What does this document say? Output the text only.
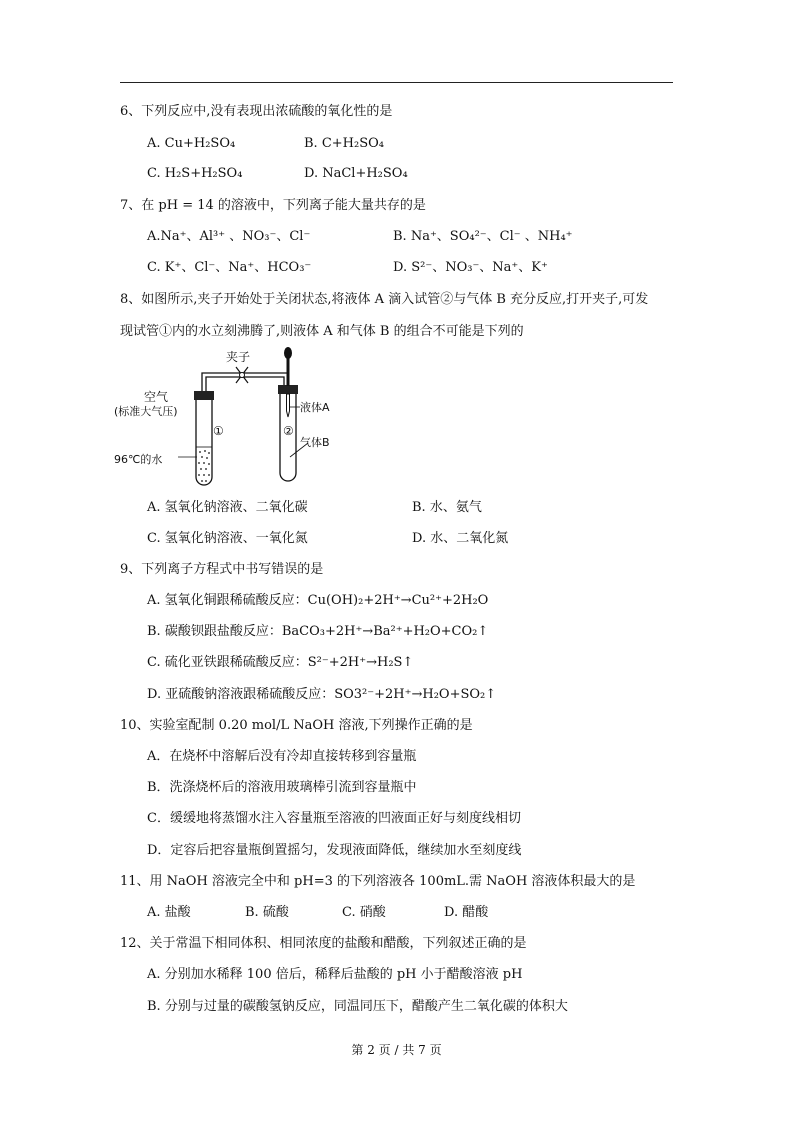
6、下列反应中,没有表现出浓硫酸的氧化性的是
A. Cu+H₂SO₄	B. C+H₂SO₄
C. H₂S+H₂SO₄	D. NaCl+H₂SO₄
7、在 pH = 14 的溶液中，下列离子能大量共存的是
A.Na⁺、Al³⁺ 、NO₃⁻、Cl⁻	B. Na⁺、SO₄²⁻、Cl⁻ 、NH₄⁺
C. K⁺、Cl⁻、Na⁺、HCO₃⁻	D. S²⁻、NO₃⁻、Na⁺、K⁺
8、如图所示,夹子开始处于关闭状态,将液体 A 滴入试管②与气体 B 充分反应,打开夹子,可发
现试管①内的水立刻沸腾了,则液体 A 和气体 B 的组合不可能是下列的
夹子
空气
(标准大气压)
①	②
液体A
气体B
96℃的水
A. 氢氧化钠溶液、二氧化碳	B. 水、氨气
C. 氢氧化钠溶液、一氧化氮	D. 水、二氧化氮
9、下列离子方程式中书写错误的是
A. 氢氧化铜跟稀硫酸反应：Cu(OH)₂+2H⁺→Cu²⁺+2H₂O
B. 碳酸钡跟盐酸反应：BaCO₃+2H⁺→Ba²⁺+H₂O+CO₂↑
C. 硫化亚铁跟稀硫酸反应：S²⁻+2H⁺→H₂S↑
D. 亚硫酸钠溶液跟稀硫酸反应：SO3²⁻+2H⁺→H₂O+SO₂↑
10、实验室配制 0.20 mol/L NaOH 溶液,下列操作正确的是
A．在烧杯中溶解后没有冷却直接转移到容量瓶
B．洗涤烧杯后的溶液用玻璃棒引流到容量瓶中
C．缓缓地将蒸馏水注入容量瓶至溶液的凹液面正好与刻度线相切
D．定容后把容量瓶倒置摇匀，发现液面降低，继续加水至刻度线
11、用 NaOH 溶液完全中和 pH=3 的下列溶液各 100mL.需 NaOH 溶液体积最大的是
A. 盐酸	B. 硫酸	C. 硝酸	D. 醋酸
12、关于常温下相同体积、相同浓度的盐酸和醋酸，下列叙述正确的是
A. 分别加水稀释 100 倍后，稀释后盐酸的 pH 小于醋酸溶液 pH
B. 分别与过量的碳酸氢钠反应，同温同压下，醋酸产生二氧化碳的体积大
第 2 页 / 共 7 页
